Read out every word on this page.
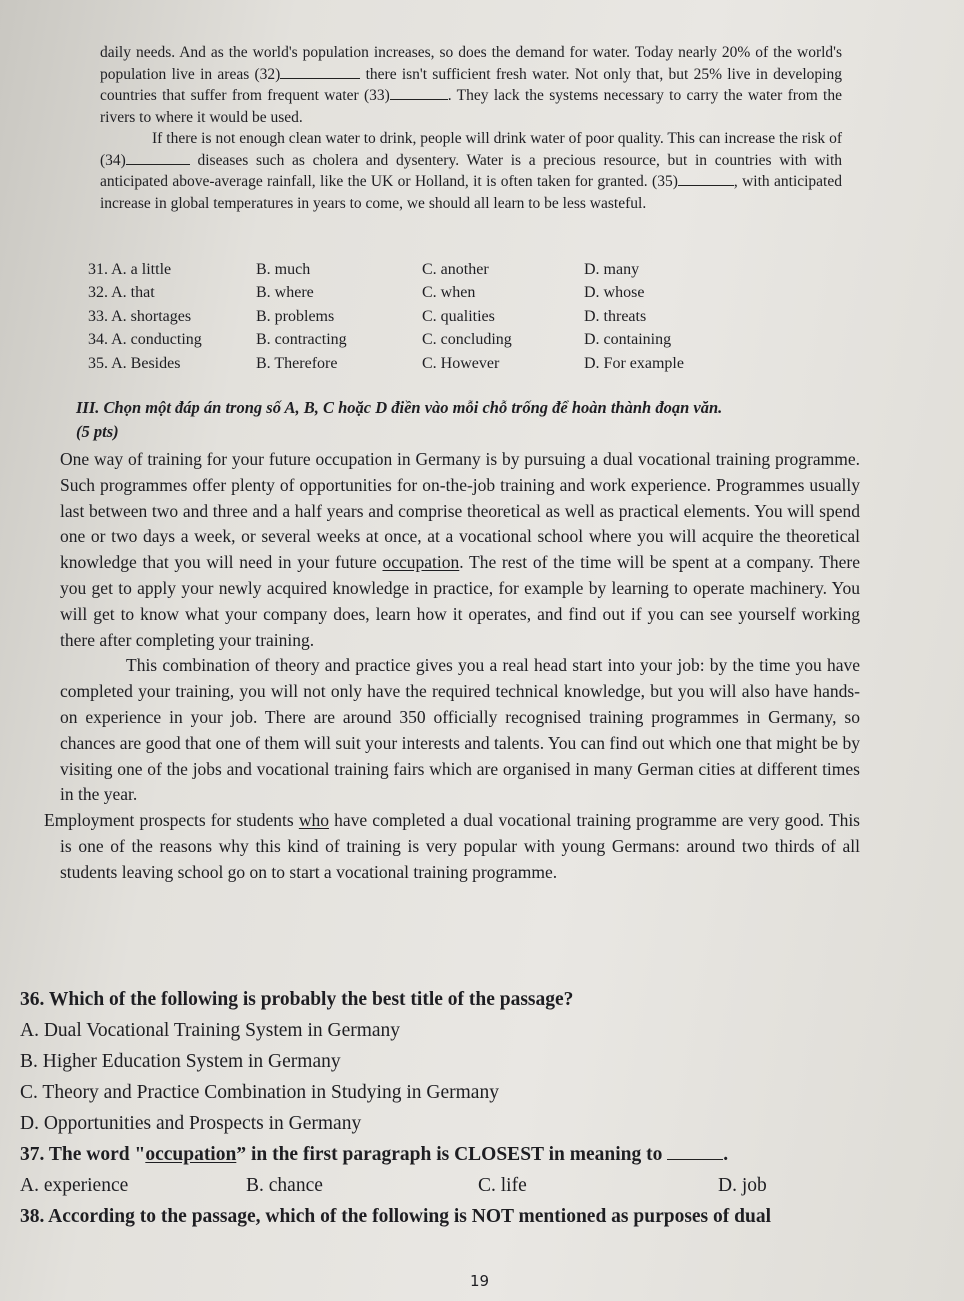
daily needs. And as the world's population increases, so does the demand for water. Today nearly 20% of the world's population live in areas (32)	there isn't sufficient fresh water. Not only that, but 25% live in developing countries that suffer from frequent water (33)	. They lack the systems necessary to carry the water from the rivers to where it would be used.

If there is not enough clean water to drink, people will drink water of poor quality. This can increase the risk of (34)	diseases such as cholera and dysentery. Water is a precious resource, but in countries with with anticipated above-average rainfall, like the UK or Holland, it is often taken for granted. (35)	, with anticipated increase in global temperatures in years to come, we should all learn to be less wasteful.

31. A. a little	B. much	C. another	D. many
32. A. that	B. where	C. when	D. whose
33. A. shortages	B. problems	C. qualities	D. threats
34. A. conducting	B. contracting	C. concluding	D. containing
35. A. Besides	B. Therefore	C. However	D. For example

III. Chọn một đáp án trong số A, B, C hoặc D điền vào mỗi chỗ trống để hoàn thành đoạn văn.

(5 pts)

One way of training for your future occupation in Germany is by pursuing a dual vocational training programme. Such programmes offer plenty of opportunities for on-the-job training and work experience. Programmes usually last between two and three and a half years and comprise theoretical as well as practical elements. You will spend one or two days a week, or several weeks at once, at a vocational school where you will acquire the theoretical knowledge that you will need in your future occupation. The rest of the time will be spent at a company. There you get to apply your newly acquired knowledge in practice, for example by learning to operate machinery. You will get to know what your company does, learn how it operates, and find out if you can see yourself working there after completing your training.

This combination of theory and practice gives you a real head start into your job: by the time you have completed your training, you will not only have the required technical knowledge, but you will also have hands-on experience in your job. There are around 350 officially recognised training programmes in Germany, so chances are good that one of them will suit your interests and talents. You can find out which one that might be by visiting one of the jobs and vocational training fairs which are organised in many German cities at different times in the year.

Employment prospects for students who have completed a dual vocational training programme are very good. This is one of the reasons why this kind of training is very popular with young Germans: around two thirds of all students leaving school go on to start a vocational training programme.

36. Which of the following is probably the best title of the passage?

A. Dual Vocational Training System in Germany

B. Higher Education System in Germany

C. Theory and Practice Combination in Studying in Germany

D. Opportunities and Prospects in Germany

37. The word "occupation” in the first paragraph is CLOSEST in meaning to	.

A. experience	B. chance	C. life	D. job

38. According to the passage, which of the following is NOT mentioned as purposes of dual

19
